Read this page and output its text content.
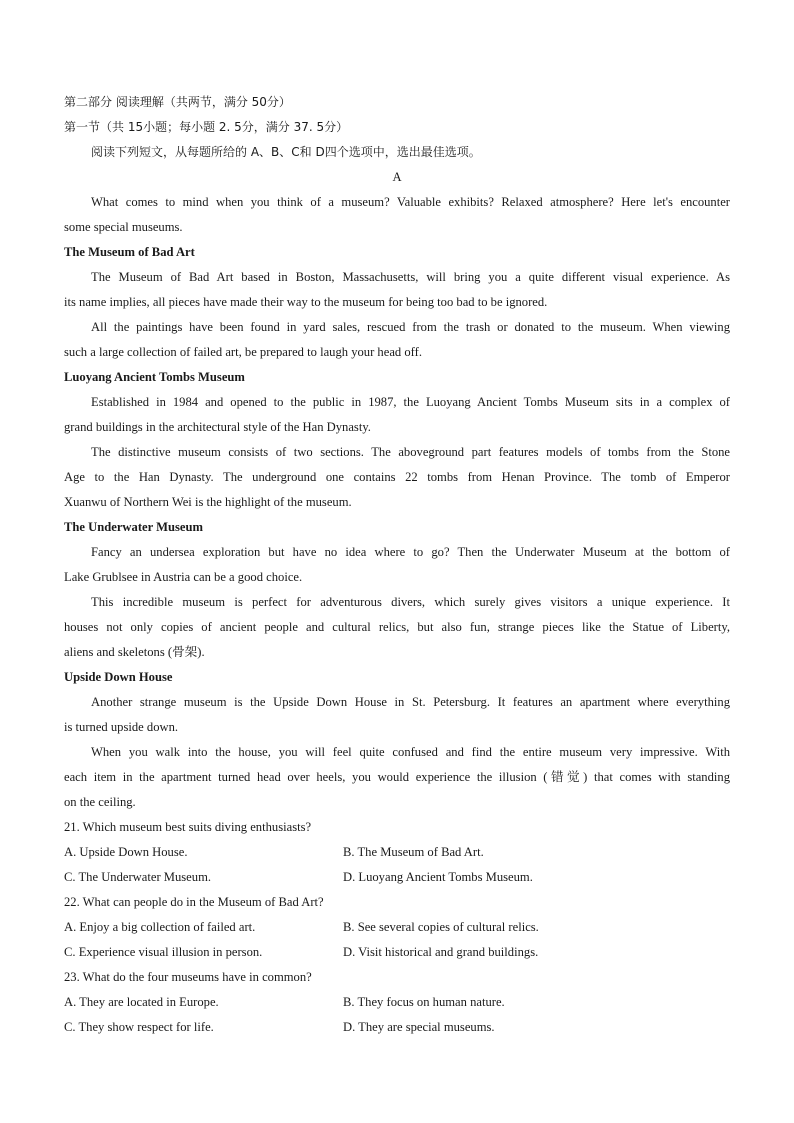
第二部分 阅读理解（共两节，满分 50分）
第一节（共 15小题；每小题 2. 5分，满分 37. 5分）
阅读下列短文，从每题所给的 A、B、C和 D四个选项中，选出最佳选项。
A
What comes to mind when you think of a museum? Valuable exhibits? Relaxed atmosphere? Here let's encounter
some special museums.
The Museum of Bad Art
The Museum of Bad Art based in Boston, Massachusetts, will bring you a quite different visual experience. As
its name implies, all pieces have made their way to the museum for being too bad to be ignored.
All the paintings have been found in yard sales, rescued from the trash or donated to the museum. When viewing
such a large collection of failed art, be prepared to laugh your head off.
Luoyang Ancient Tombs Museum
Established in 1984 and opened to the public in 1987, the Luoyang Ancient Tombs Museum sits in a complex of
grand buildings in the architectural style of the Han Dynasty.
The distinctive museum consists of two sections. The aboveground part features models of tombs from the Stone
Age to the Han Dynasty. The underground one contains 22 tombs from Henan Province. The tomb of Emperor
Xuanwu of Northern Wei is the highlight of the museum.
The Underwater Museum
Fancy an undersea exploration but have no idea where to go? Then the Underwater Museum at the bottom of
Lake Grublsee in Austria can be a good choice.
This incredible museum is perfect for adventurous divers, which surely gives visitors a unique experience. It
houses not only copies of ancient people and cultural relics, but also fun, strange pieces like the Statue of Liberty,
aliens and skeletons (骨架).
Upside Down House
Another strange museum is the Upside Down House in St. Petersburg. It features an apartment where everything
is turned upside down.
When you walk into the house, you will feel quite confused and find the entire museum very impressive. With
each item in the apartment turned head over heels, you would experience the illusion (错觉) that comes with standing
on the ceiling.
21. Which museum best suits diving enthusiasts?
A. Upside Down House.	B. The Museum of Bad Art.
C. The Underwater Museum.	D. Luoyang Ancient Tombs Museum.
22. What can people do in the Museum of Bad Art?
A. Enjoy a big collection of failed art.	B. See several copies of cultural relics.
C. Experience visual illusion in person.	D. Visit historical and grand buildings.
23. What do the four museums have in common?
A. They are located in Europe.	B. They focus on human nature.
C. They show respect for life.	D. They are special museums.
